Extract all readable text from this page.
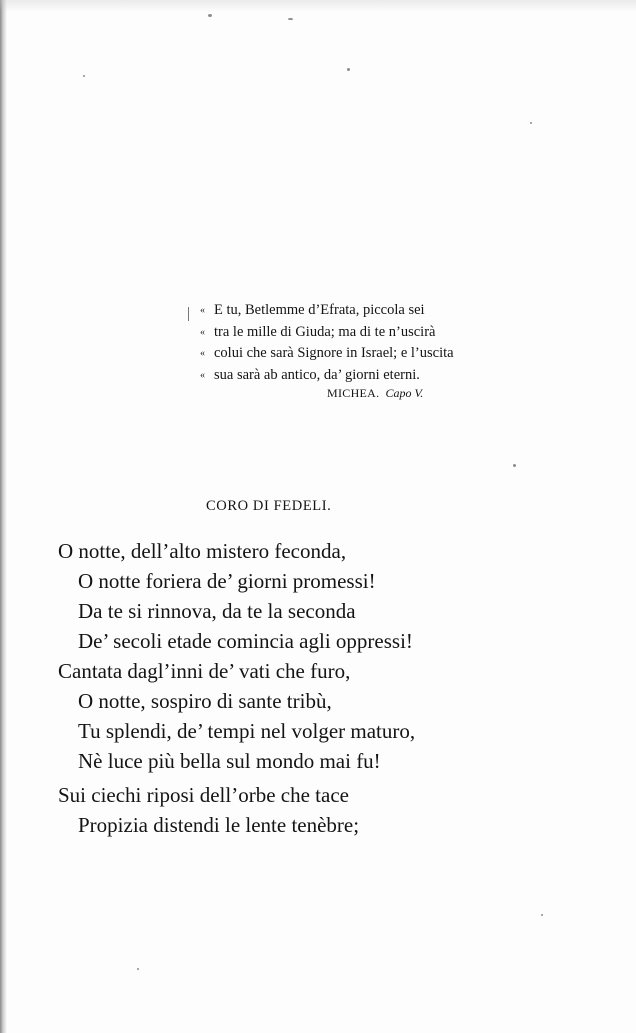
« E tu, Betlemme d’Efrata, piccola sei
« tra le mille di Giuda; ma di te n’uscirà
« colui che sarà Signore in Israel; e l’uscita
« sua sarà ab antico, da’ giorni eterni.
MICHEA. Capo V.
CORO DI FEDELI.
O notte, dell’alto mistero feconda,
O notte foriera de’ giorni promessi!
Da te si rinnova, da te la seconda
De’ secoli etade comincia agli oppressi!
Cantata dagl’inni de’ vati che furo,
O notte, sospiro di sante tribù,
Tu splendi, de’ tempi nel volger maturo,
Nè luce più bella sul mondo mai fu!
Sui ciechi riposi dell’orbe che tace
Propizia distendi le lente tenèbre;
